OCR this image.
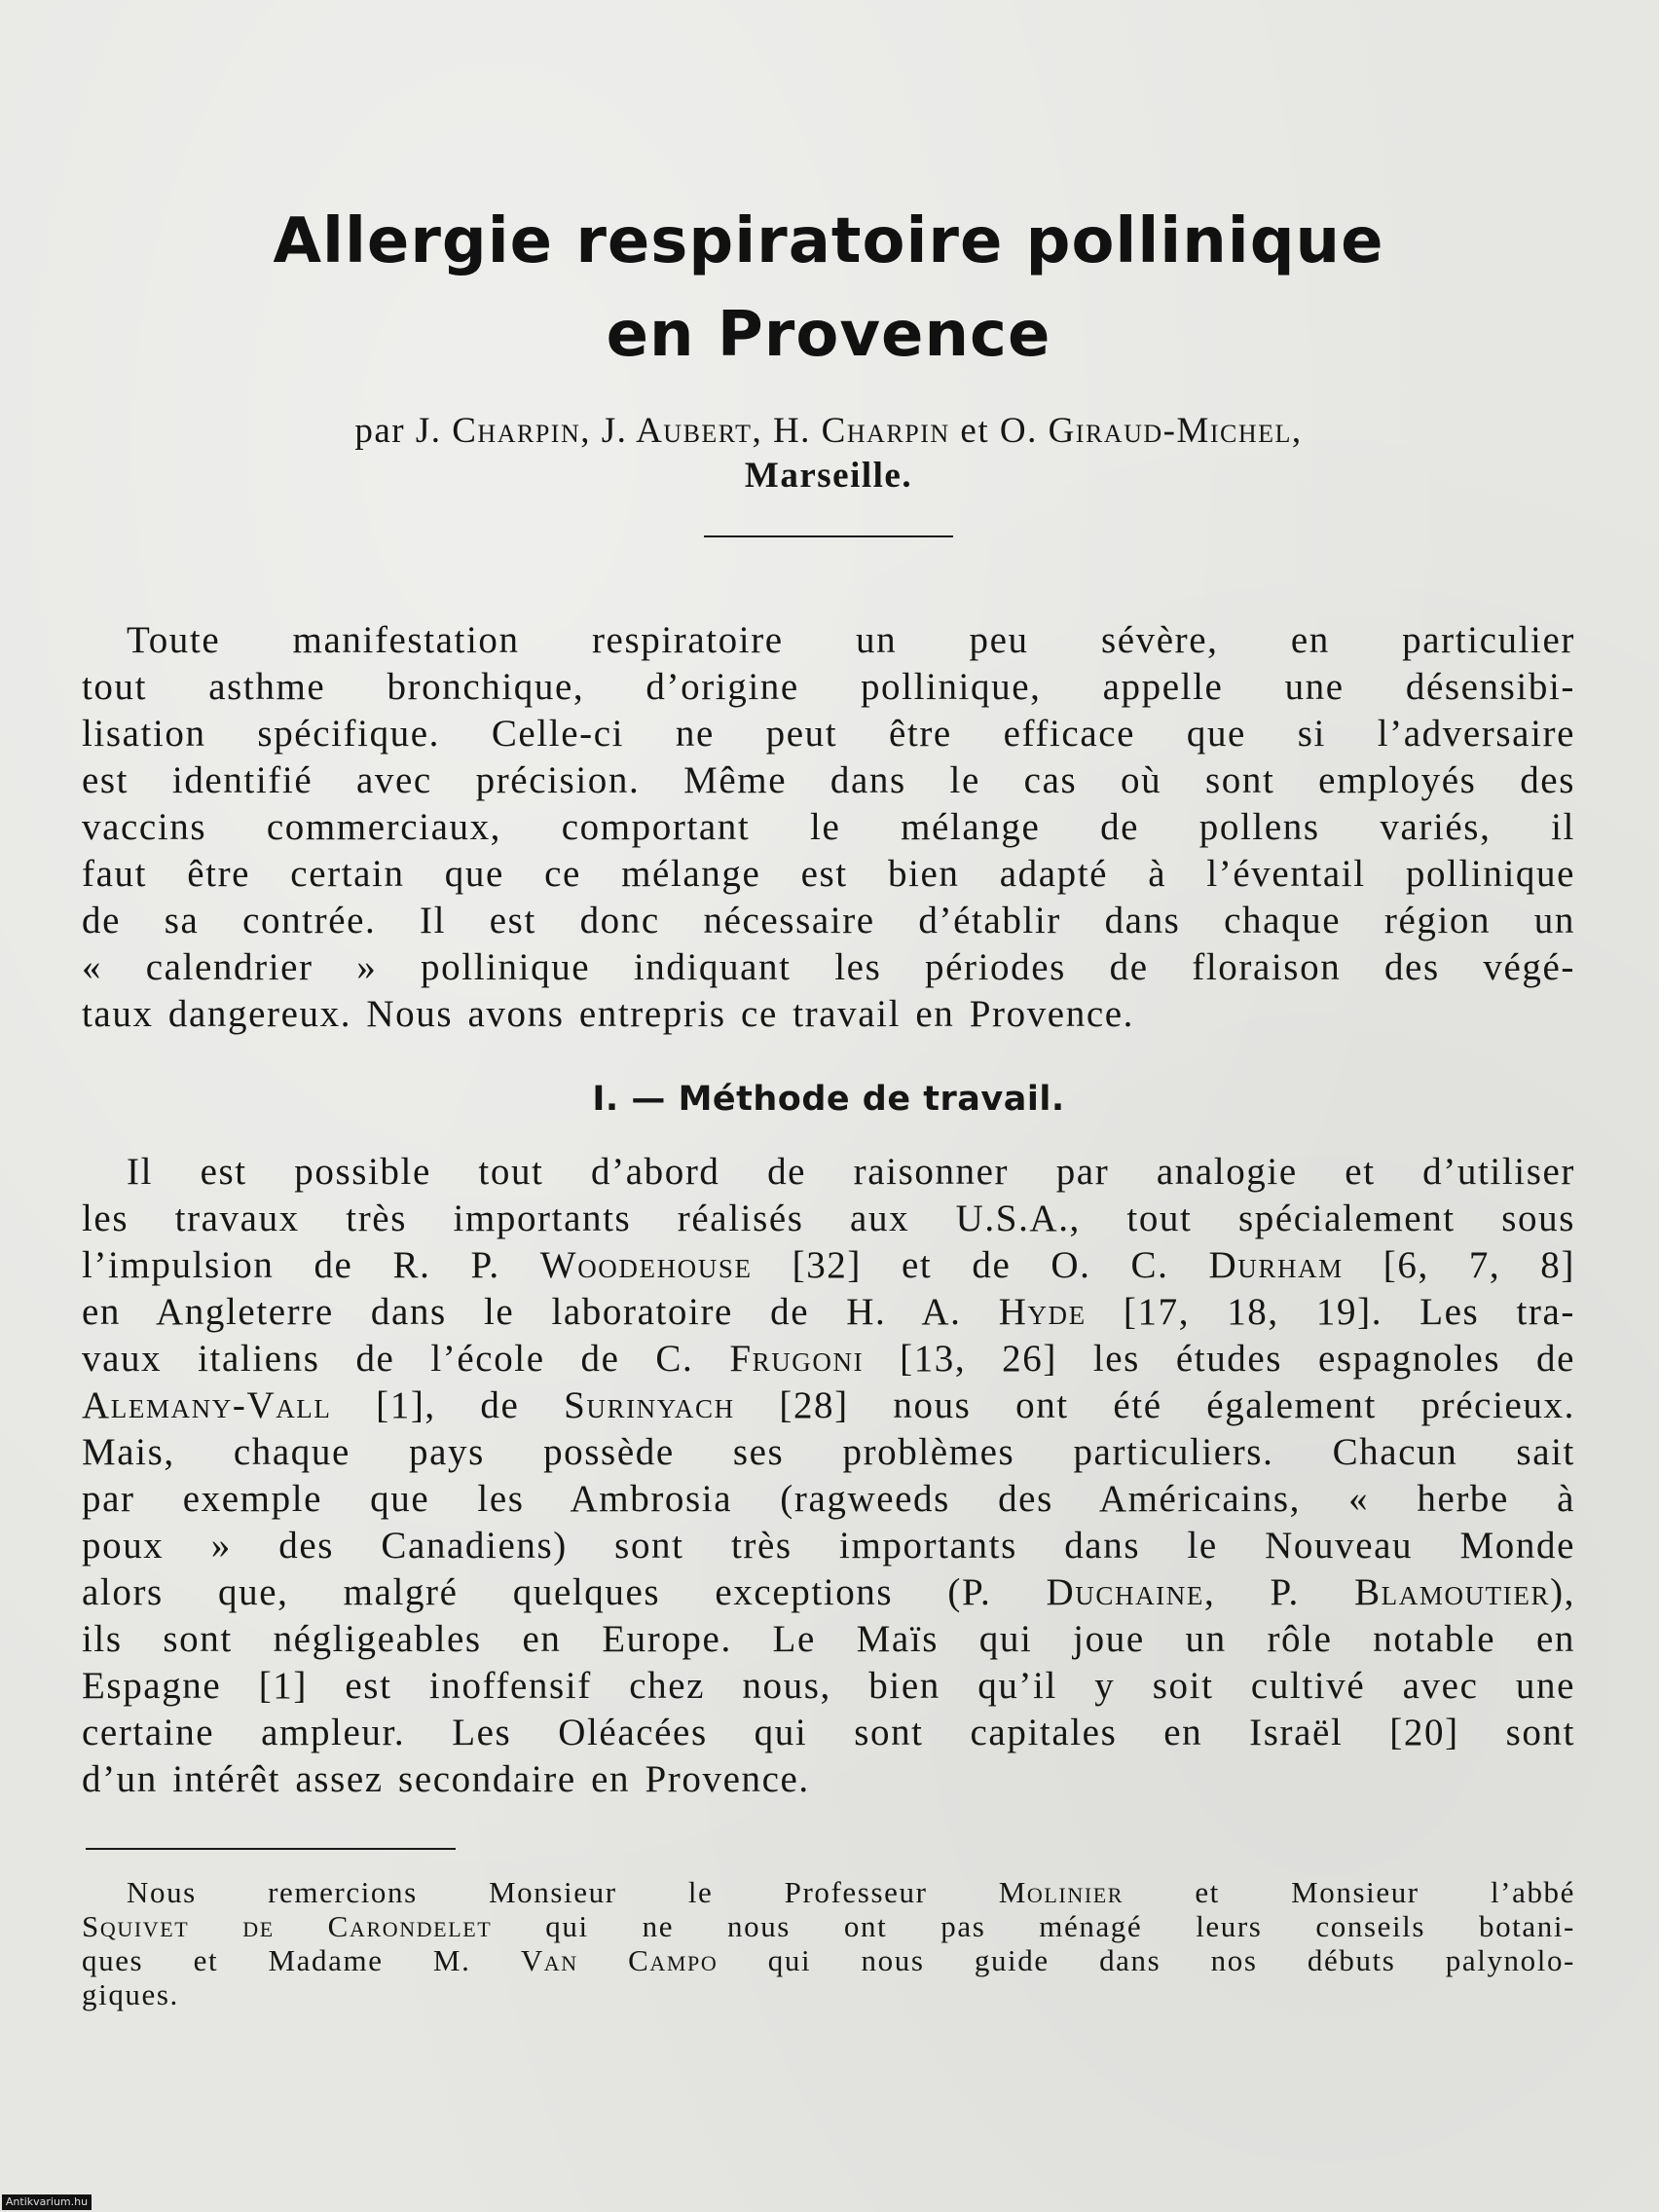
Allergie respiratoire pollinique
en Provence
par J. Charpin, J. Aubert, H. Charpin et O. Giraud-Michel,
Marseille.

Toute manifestation respiratoire un peu sévère, en particulier
tout asthme bronchique, d’origine pollinique, appelle une désensibi-
lisation spécifique. Celle-ci ne peut être efficace que si l’adversaire
est identifié avec précision. Même dans le cas où sont employés des
vaccins commerciaux, comportant le mélange de pollens variés, il
faut être certain que ce mélange est bien adapté à l’éventail pollinique
de sa contrée. Il est donc nécessaire d’établir dans chaque région un
« calendrier » pollinique indiquant les périodes de floraison des végé-
taux dangereux. Nous avons entrepris ce travail en Provence.

I. — Méthode de travail.

Il est possible tout d’abord de raisonner par analogie et d’utiliser
les travaux très importants réalisés aux U.S.A., tout spécialement sous
l’impulsion de R. P. Woodehouse [32] et de O. C. Durham [6, 7, 8]
en Angleterre dans le laboratoire de H. A. Hyde [17, 18, 19]. Les tra-
vaux italiens de l’école de C. Frugoni [13, 26] les études espagnoles de
Alemany-Vall [1], de Surinyach [28] nous ont été également précieux.
Mais, chaque pays possède ses problèmes particuliers. Chacun sait
par exemple que les Ambrosia (ragweeds des Américains, « herbe à
poux » des Canadiens) sont très importants dans le Nouveau Monde
alors que, malgré quelques exceptions (P. Duchaine, P. Blamoutier),
ils sont négligeables en Europe. Le Maïs qui joue un rôle notable en
Espagne [1] est inoffensif chez nous, bien qu’il y soit cultivé avec une
certaine ampleur. Les Oléacées qui sont capitales en Israël [20] sont
d’un intérêt assez secondaire en Provence.

Nous remercions Monsieur le Professeur Molinier et Monsieur l’abbé
Squivet de Carondelet qui ne nous ont pas ménagé leurs conseils botani-
ques et Madame M. Van Campo qui nous guide dans nos débuts palynolo-
giques.

Antikvarium.hu
